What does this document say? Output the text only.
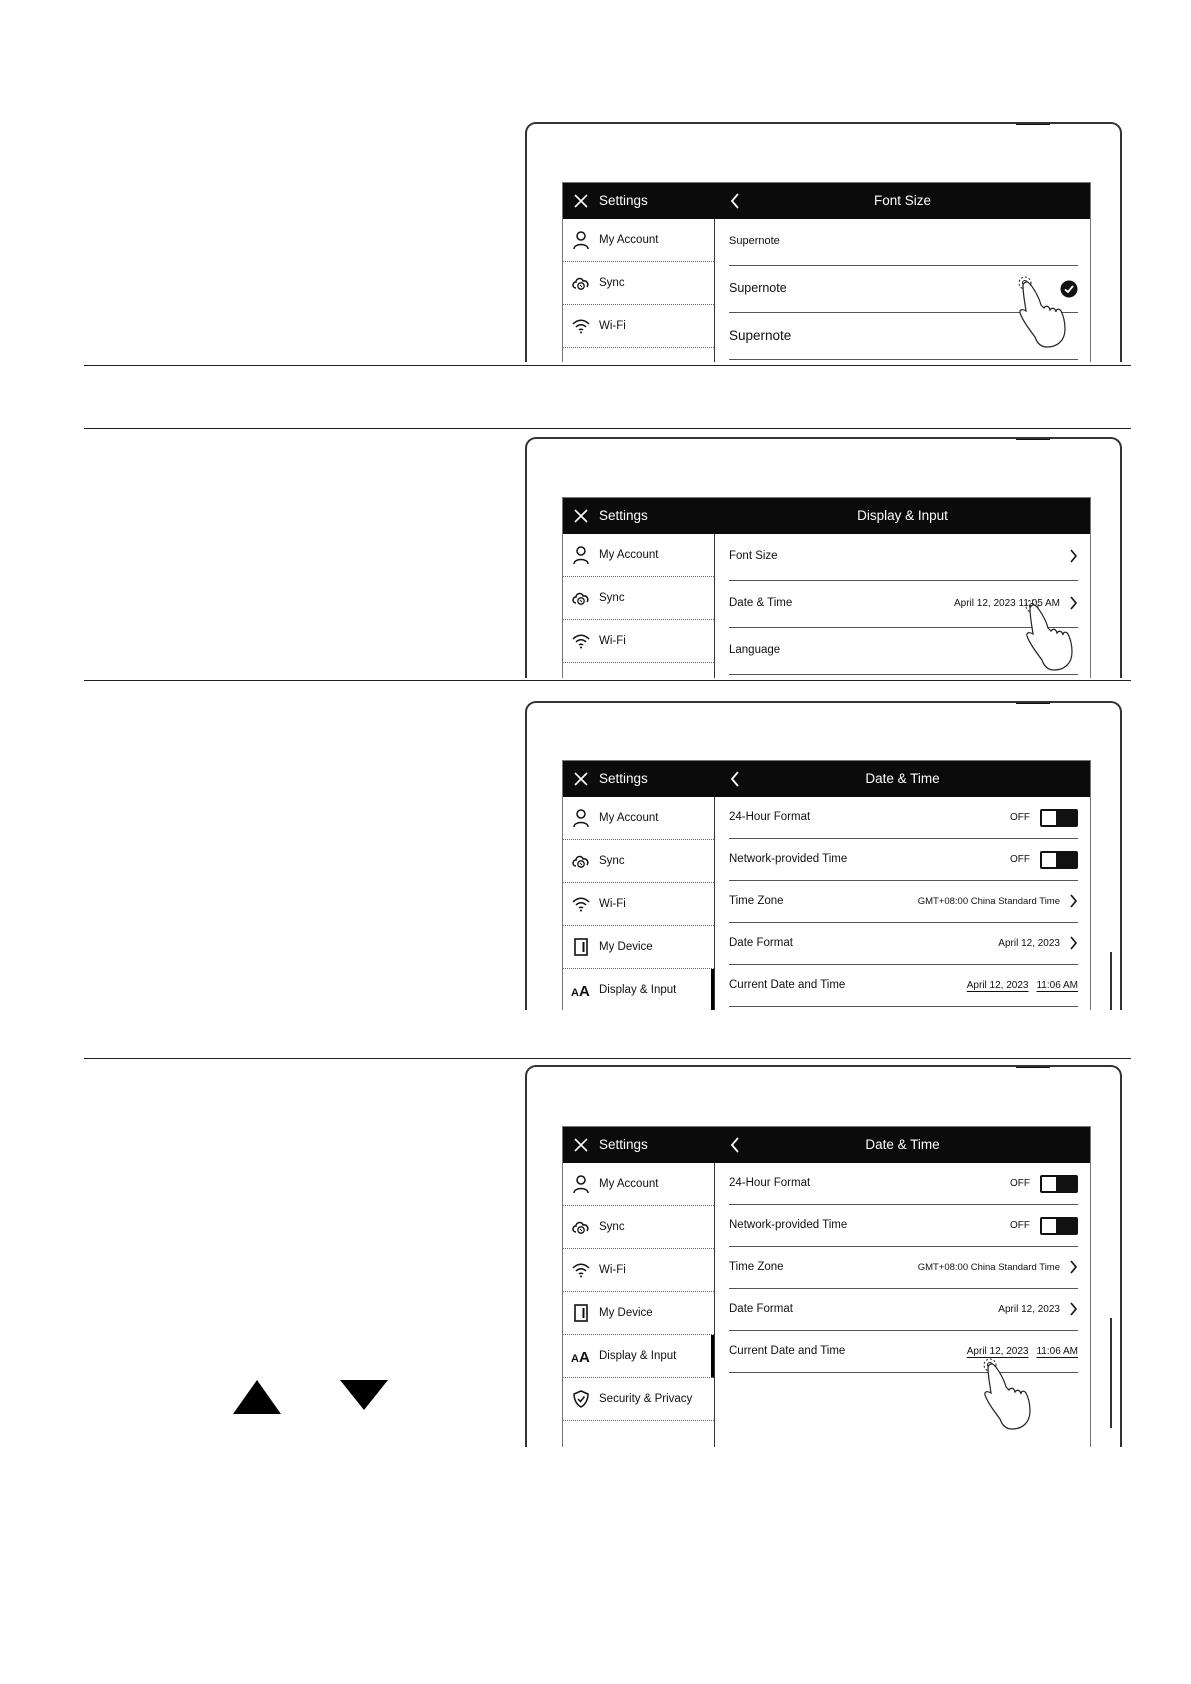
Settings	Font Size
My Account
Sync
Wi-Fi
Supernote
Supernote
Supernote
Settings	Display & Input
My Account
Sync
Wi-Fi
Font Size
Date & Time	April 12, 2023 11:05 AM
Language
Settings	Date & Time
My Account
Sync
Wi-Fi
My Device
Display & Input
24-Hour Format	OFF
Network-provided Time	OFF
Time Zone	GMT+08:00 China Standard Time
Date Format	April 12, 2023
Current Date and Time	April 12, 2023 11:06 AM
Settings	Date & Time
My Account
Sync
Wi-Fi
My Device
Display & Input
Security & Privacy
24-Hour Format	OFF
Network-provided Time	OFF
Time Zone	GMT+08:00 China Standard Time
Date Format	April 12, 2023
Current Date and Time	April 12, 2023 11:06 AM
